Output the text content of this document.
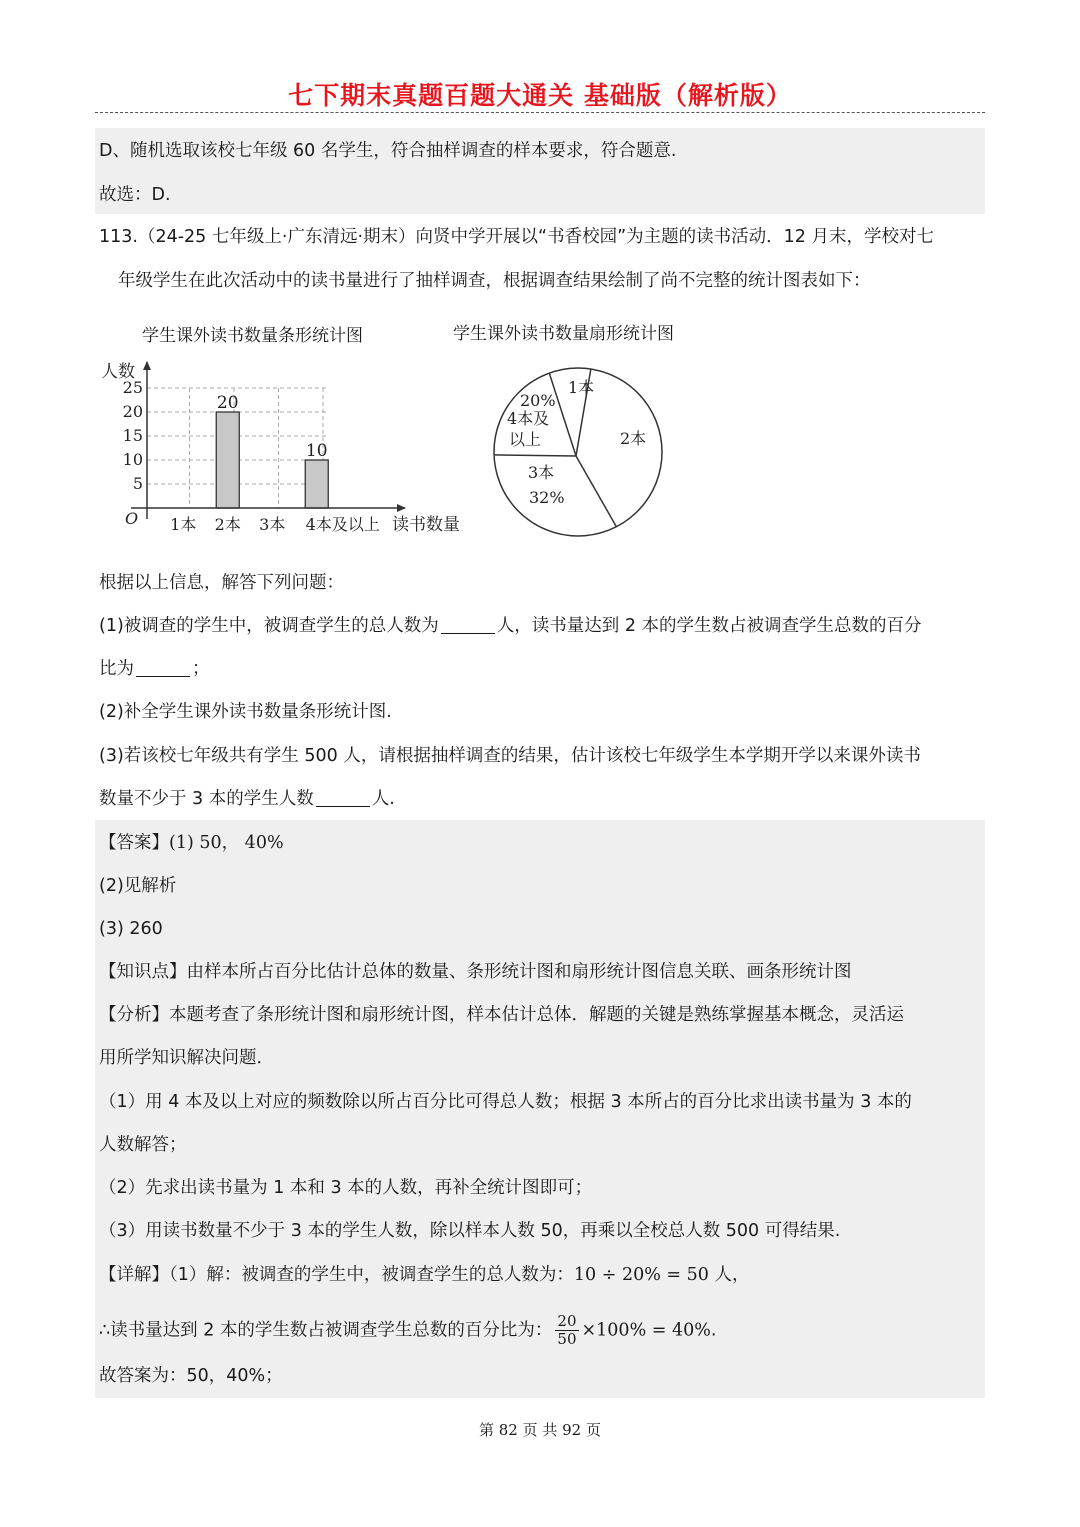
七下期末真题百题大通关 基础版（解析版）
D、随机选取该校七年级 60 名学生，符合抽样调查的样本要求，符合题意.
故选：D.
113.（24-25 七年级上·广东清远·期末）向贤中学开展以“书香校园”为主题的读书活动．12 月末，学校对七
年级学生在此次活动中的读书量进行了抽样调查，根据调查结果绘制了尚不完整的统计图表如下：
学生课外读书数量条形统计图	学生课外读书数量扇形统计图
人数
读书数量
O
5
10
15
20
25
1本 2本 3本 4本及以上
20
10
1本
2本
3本
32%
20%
4本及
以上
根据以上信息，解答下列问题：
(1)被调查的学生中，被调查学生的总人数为	人，读书量达到 2 本的学生数占被调查学生总数的百分
比为	；
(2)补全学生课外读书数量条形统计图.
(3)若该校七年级共有学生 500 人，请根据抽样调查的结果，估计该校七年级学生本学期开学以来课外读书
数量不少于 3 本的学生人数	人.
【答案】(1) 50， 40%
(2)见解析
(3) 260
【知识点】由样本所占百分比估计总体的数量、条形统计图和扇形统计图信息关联、画条形统计图
【分析】本题考查了条形统计图和扇形统计图，样本估计总体．解题的关键是熟练掌握基本概念，灵活运
用所学知识解决问题．
（1）用 4 本及以上对应的频数除以所占百分比可得总人数；根据 3 本所占的百分比求出读书量为 3 本的
人数解答；
（2）先求出读书量为 1 本和 3 本的人数，再补全统计图即可；
（3）用读书数量不少于 3 本的学生人数，除以样本人数 50，再乘以全校总人数 500 可得结果.
【详解】（1）解：被调查的学生中，被调查学生的总人数为：10 ÷ 20% = 50 人，
∴读书量达到 2 本的学生数占被调查学生总数的百分比为： $\frac{20}{50} \times 100\% = 40\%$.
故答案为：50，40%；
第 82 页 共 92 页
